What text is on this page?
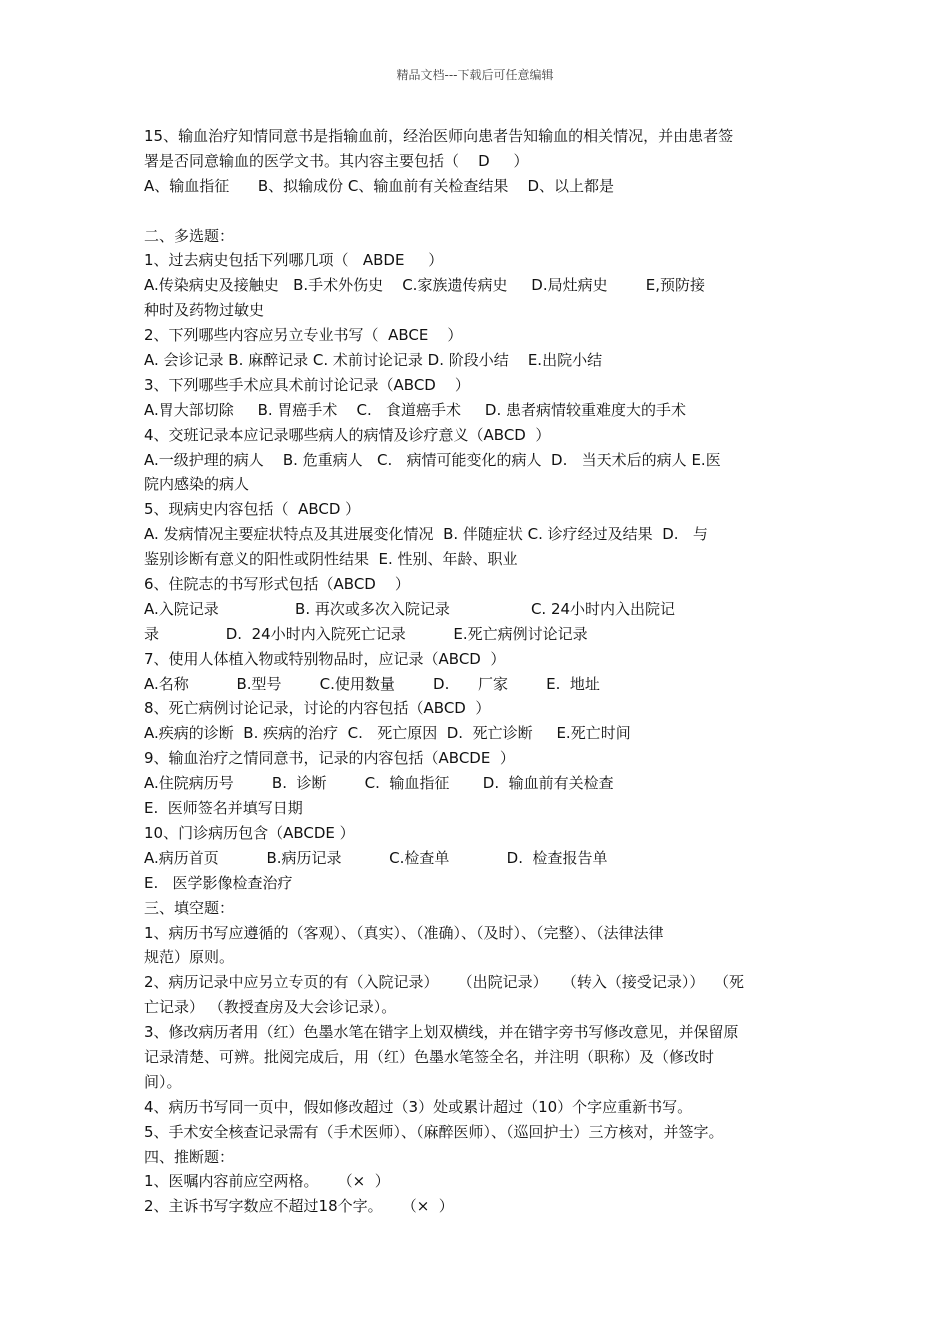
精品文档---下载后可任意编辑
15、输血治疗知情同意书是指输血前，经治医师向患者告知输血的相关情况，并由患者签
署是否同意输血的医学文书。其内容主要包括（    D     ）
A、输血指征      B、拟输成份 C、输血前有关检查结果    D、以上都是
二、多选题：
1、过去病史包括下列哪几项（   ABDE     ）
A.传染病史及接触史   B.手术外伤史    C.家族遗传病史     D.局灶病史        E,预防接
种时及药物过敏史
2、下列哪些内容应另立专业书写（  ABCE    ）
A. 会诊记录 B. 麻醉记录 C. 术前讨论记录 D. 阶段小结    E.出院小结
3、下列哪些手术应具术前讨论记录（ABCD    ）
A.胃大部切除     B. 胃癌手术    C.   食道癌手术     D. 患者病情较重难度大的手术
4、交班记录本应记录哪些病人的病情及诊疗意义（ABCD  ）
A.一级护理的病人    B. 危重病人   C.   病情可能变化的病人  D.   当天术后的病人 E.医
院内感染的病人
5、现病史内容包括（  ABCD ）
A. 发病情况主要症状特点及其进展变化情况  B. 伴随症状 C. 诊疗经过及结果  D.   与
鉴别诊断有意义的阳性或阴性结果  E. 性别、年龄、职业
6、住院志的书写形式包括（ABCD    ）
A.入院记录                B. 再次或多次入院记录                 C. 24小时内入出院记
录              D.  24小时内入院死亡记录          E.死亡病例讨论记录
7、使用人体植入物或特别物品时，应记录（ABCD  ）
A.名称          B.型号        C.使用数量        D.      厂家        E.  地址
8、死亡病例讨论记录，讨论的内容包括（ABCD  ）
A.疾病的诊断  B. 疾病的治疗  C.   死亡原因  D.  死亡诊断     E.死亡时间
9、输血治疗之情同意书，记录的内容包括（ABCDE  ）
A.住院病历号        B.  诊断        C.  输血指征       D.  输血前有关检查
E.  医师签名并填写日期
10、门诊病历包含（ABCDE ）
A.病历首页          B.病历记录          C.检查单            D.  检查报告单
E.   医学影像检查治疗
三、填空题：
1、病历书写应遵循的（客观）、（真实）、（准确）、（及时）、（完整）、（法律法律
规范）原则。
2、病历记录中应另立专页的有（入院记录）    （出院记录）   （转入（接受记录））  （死
亡记录） （教授查房及大会诊记录）。
3、修改病历者用（红）色墨水笔在错字上划双横线，并在错字旁书写修改意见，并保留原
记录清楚、可辨。批阅完成后，用（红）色墨水笔签全名，并注明（职称）及（修改时
间）。
4、病历书写同一页中，假如修改超过（3）处或累计超过（10）个字应重新书写。
5、手术安全核查记录需有（手术医师）、（麻醉医师）、（巡回护士）三方核对，并签字。
四、推断题：
1、医嘱内容前应空两格。    （×  ）
2、主诉书写字数应不超过18个字。    （×  ）
